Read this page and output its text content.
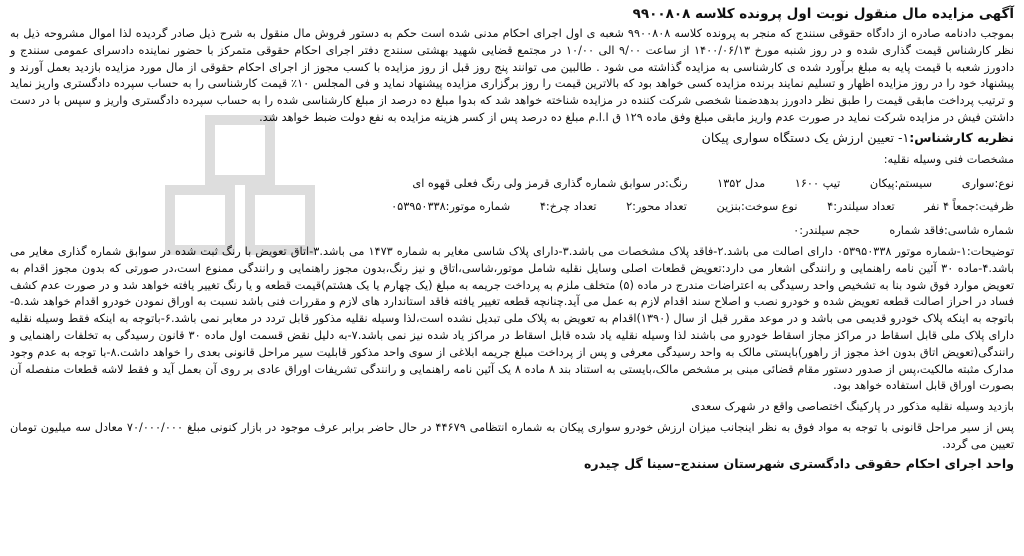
آگهی مزایده مال منقول نوبت اول پرونده کلاسه ۹۹۰۰۸۰۸

بموجب دادنامه صادره از دادگاه حقوقی سنندج که منجر به پرونده کلاسه ۹۹۰۰۸۰۸ شعبه ی اول اجرای احکام مدنی شده است حکم به دستور فروش مال منقول به شرح ذیل صادر گردیده لذا اموال مشروحه ذیل به نظر کارشناس قیمت گذاری شده و در روز شنبه مورخ ۱۴۰۰/۰۶/۱۳ از ساعت ۹/۰۰ الی ۱۰/۰۰ در مجتمع قضایی شهید بهشتی سنندج دفتر اجرای احکام حقوقی متمرکز با حضور نماینده دادسرای عمومی سنندج و دادورز شعبه با قیمت پایه به مبلغ برآورد شده ی کارشناسی به مزایده گذاشته می شود . طالبین می توانند پنج روز قبل از روز مزایده با کسب مجوز از اجرای احکام حقوقی از مال مورد مزایده بازدید بعمل آورند و پیشنهاد خود را در روز مزایده اظهار و تسلیم نمایند برنده مزایده کسی خواهد بود که بالاترین قیمت را روز برگزاری مزایده پیشنهاد نماید و فی المجلس ۱۰٪ قیمت کارشناسی را به حساب سپرده دادگستری واریز نماید و ترتیب پرداخت مابقی قیمت را طبق نظر دادورز بدهدضمنا شخصی شرکت کننده در مزایده شناخته خواهد شد که بدوا مبلغ ده درصد از مبلغ کارشناسی شده را به حساب سپرده دادگستری واریز و سپس با در دست داشتن فیش در مزایده شرکت نماید در صورت عدم واریز مابقی مبلغ وفق ماده ۱۲۹ ق ا.ا.م مبلغ ده درصد پس از کسر هزینه مزایده به نفع دولت ضبط خواهد شد.

نظریه کارشناس:۱- تعیین ارزش یک دستگاه سواری پیکان
مشخصات فنی وسیله نقلیه:
نوع:سواری سیستم:پیکان تیپ ۱۶۰۰ مدل ۱۳۵۲ رنگ:در سوابق شماره گذاری قرمز ولی رنگ فعلی قهوه ای
ظرفیت:جمعاً ۴ نفر تعداد سیلندر:۴ نوع سوخت:بنزین تعداد محور:۲ تعداد چرخ:۴ شماره موتور:۰۵۳۹۵۰۳۳۸
شماره شاسی:فاقد شماره حجم سیلندر:۰

توضیحات:۱-شماره موتور ۰۵۳۹۵۰۳۳۸ دارای اصالت می باشد.۲-فاقد پلاک مشخصات می باشد.۳-دارای پلاک شاسی مغایر به شماره ۱۴۷۳ می باشد.۳-اتاق تعویض با رنگ ثبت شده در سوابق شماره گذاری مغایر می باشد.۴-ماده ۳۰ آئین نامه راهنمایی و رانندگی اشعار می دارد:تعویض قطعات اصلی وسایل نقلیه شامل موتور،شاسی،اتاق و نیز رنگ،بدون مجوز راهنمایی و رانندگی ممنوع است،در صورتی که بدون مجوز اقدام به تعویض موارد فوق شود بنا به تشخیص واحد رسیدگی به اعتراضات مندرج در ماده (۵) متخلف ملزم به پرداخت جریمه به مبلغ (یک چهارم یا یک هشتم)قیمت قطعه و یا رنگ تغییر یافته خواهد شد و در صورت عدم کشف فساد در احراز اصالت قطعه تعویض شده و خودرو نصب و اصلاح سند اقدام لازم به عمل می آید.چنانچه قطعه تغییر یافته فاقد استاندارد های لازم و مقررات فنی باشد نسبت به اوراق نمودن خودرو اقدام خواهد شد.۵-باتوجه به اینکه پلاک خودرو قدیمی می باشد و در موعد مقرر قبل از سال (۱۳۹۰)اقدام به تعویض به پلاک ملی تبدیل نشده است،لذا وسیله نقلیه مذکور قابل تردد در معابر نمی باشد.۶-باتوجه به اینکه فقط وسیله نقلیه دارای پلاک ملی قابل اسقاط در مراکز مجاز اسقاط خودرو می باشند لذا وسیله نقلیه یاد شده قابل اسقاط در مراکز یاد شده نیز نمی باشد.۷-به دلیل نقض قسمت اول ماده ۳۰ قانون رسیدگی به تخلفات راهنمایی و رانندگی(تعویض اتاق بدون اخذ مجوز از راهور)بایستی مالک به واحد رسیدگی معرفی و پس از پرداخت مبلغ جریمه ابلاغی از سوی واحد مذکور قابلیت سیر مراحل قانونی بعدی را خواهد داشت.۸-با توجه به عدم وجود مدارک مثبته مالکیت،پس از صدور دستور مقام قضائی مبنی بر مشخص مالک،بایستی به استناد بند ۸ ماده ۸ یک آئین نامه راهنمایی و رانندگی تشریفات اوراق عادی بر روی آن بعمل آید و فقط لاشه قطعات منفصله آن بصورت اوراق قابل استفاده خواهد بود.

بازدید وسیله نقلیه مذکور در پارکینگ اختصاصی واقع در شهرک سعدی

پس از سیر مراحل قانونی با توجه به مواد فوق به نظر اینجانب میزان ارزش خودرو سواری پیکان به شماره انتظامی ۴۴۶۷۹ در حال حاضر برابر عرف موجود در بازار کنونی مبلغ ۷۰/۰۰۰/۰۰۰ معادل سه میلیون تومان تعیین می گردد.

واحد اجرای احکام حقوقی دادگستری شهرستان سنندج–سینا گل چیدره
